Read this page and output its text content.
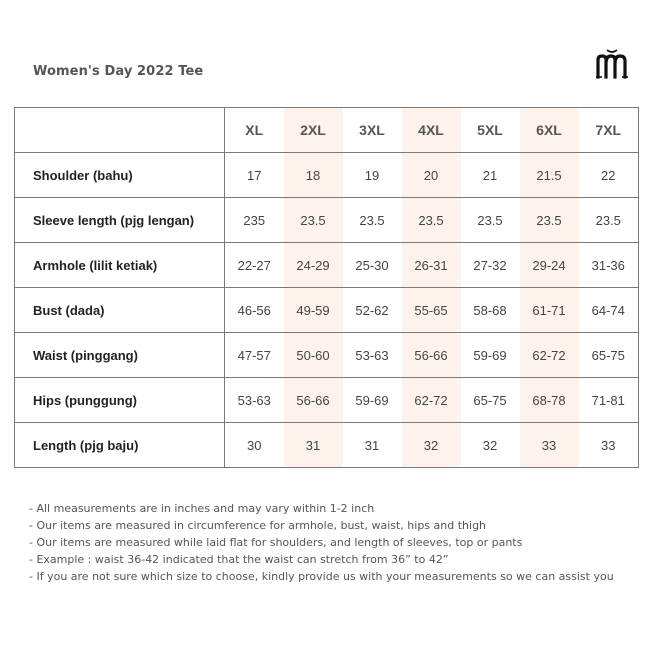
Women's Day 2022 Tee
	XL	2XL	3XL	4XL	5XL	6XL	7XL
Shoulder (bahu)	17	18	19	20	21	21.5	22
Sleeve length (pjg lengan)	235	23.5	23.5	23.5	23.5	23.5	23.5
Armhole (lilit ketiak)	22-27	24-29	25-30	26-31	27-32	29-24	31-36
Bust (dada)	46-56	49-59	52-62	55-65	58-68	61-71	64-74
Waist (pinggang)	47-57	50-60	53-63	56-66	59-69	62-72	65-75
Hips (punggung)	53-63	56-66	59-69	62-72	65-75	68-78	71-81
Length (pjg baju)	30	31	31	32	32	33	33
- All measurements are in inches and may vary within 1-2 inch
- Our items are measured in circumference for armhole, bust, waist, hips and thigh
- Our items are measured while laid flat for shoulders, and length of sleeves, top or pants
- Example : waist 36-42 indicated that the waist can stretch from 36” to 42”
- If you are not sure which size to choose, kindly provide us with your measurements so we can assist you
